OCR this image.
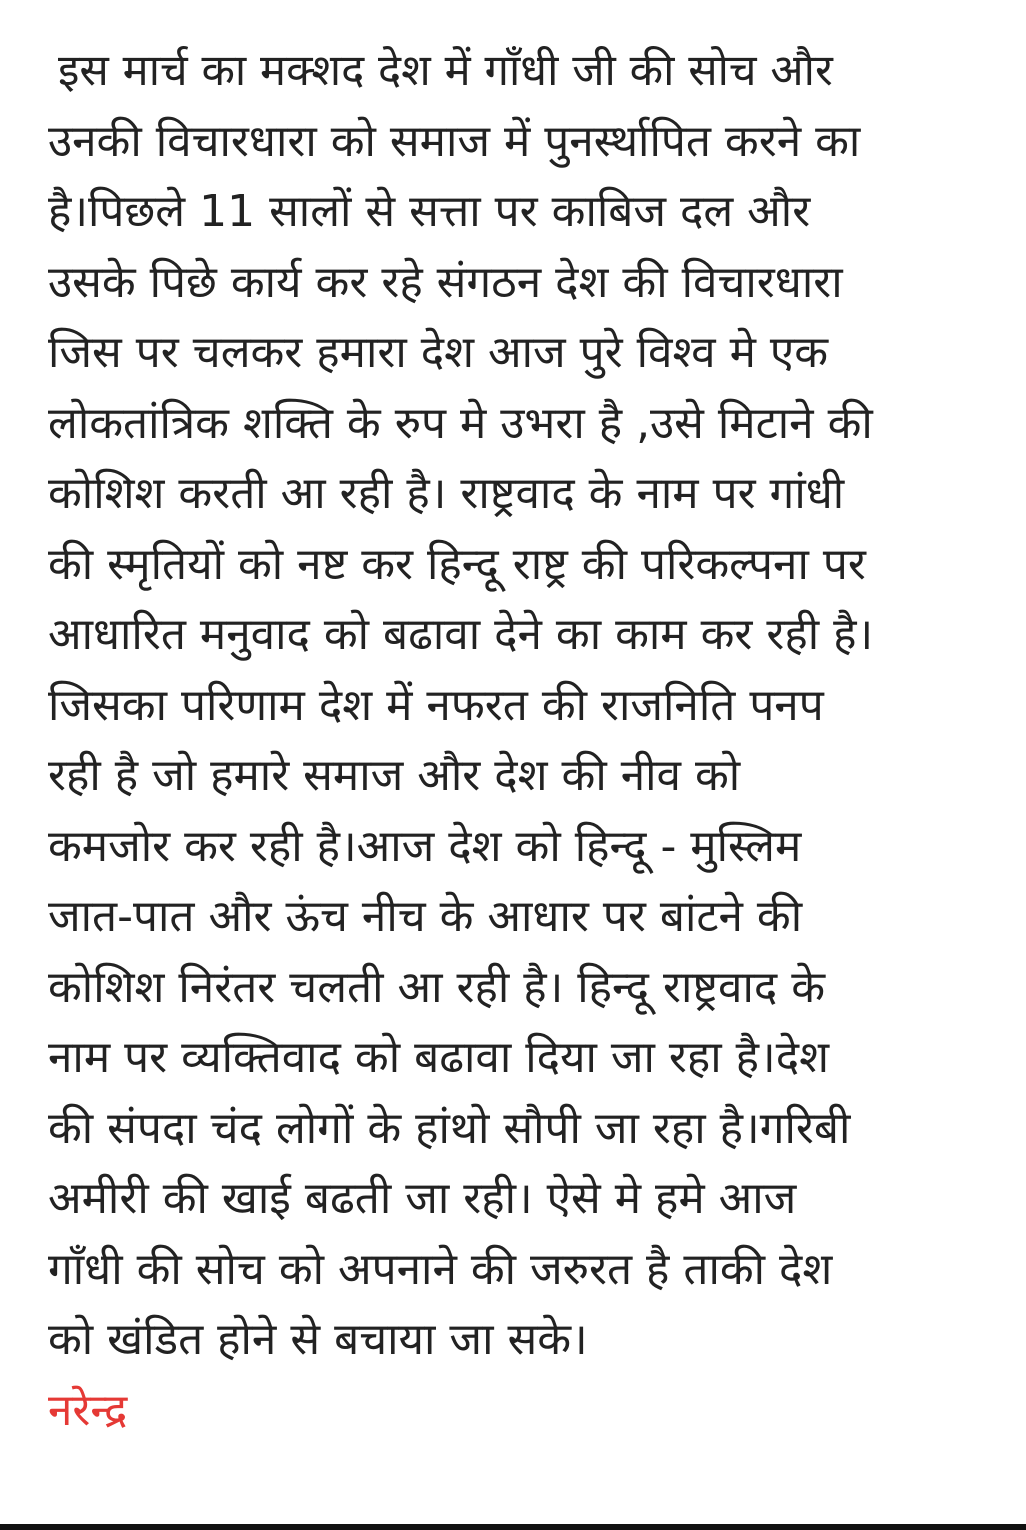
इस मार्च का मक्शद देश में गाँधी जी की सोच और
उनकी विचारधारा को समाज में पुनर्स्थापित करने का
है।पिछले 11 सालों से सत्ता पर काबिज दल और
उसके पिछे कार्य कर रहे संगठन देश की विचारधारा
जिस पर चलकर हमारा देश आज पुरे विश्व मे एक
लोकतांत्रिक शक्ति के रुप मे उभरा है ,उसे मिटाने की
कोशिश करती आ रही है। राष्ट्रवाद के नाम पर गांधी
की स्मृतियों को नष्ट कर हिन्दू राष्ट्र की परिकल्पना पर
आधारित मनुवाद को बढावा देने का काम कर रही है।
जिसका परिणाम देश में नफरत की राजनिति पनप
रही है जो हमारे समाज और देश की नीव को
कमजोर कर रही है।आज देश को हिन्दू - मुस्लिम
जात-पात और ऊंच नीच के आधार पर बांटने की
कोशिश निरंतर चलती आ रही है। हिन्दू राष्ट्रवाद के
नाम पर व्यक्तिवाद को बढावा दिया जा रहा है।देश
की संपदा चंद लोगों के हांथो सौपी जा रहा है।गरिबी
अमीरी की खाई बढती जा रही। ऐसे मे हमे आज
गाँधी की सोच को अपनाने की जरुरत है ताकी देश
को खंडित होने से बचाया जा सके।
नरेन्द्र
